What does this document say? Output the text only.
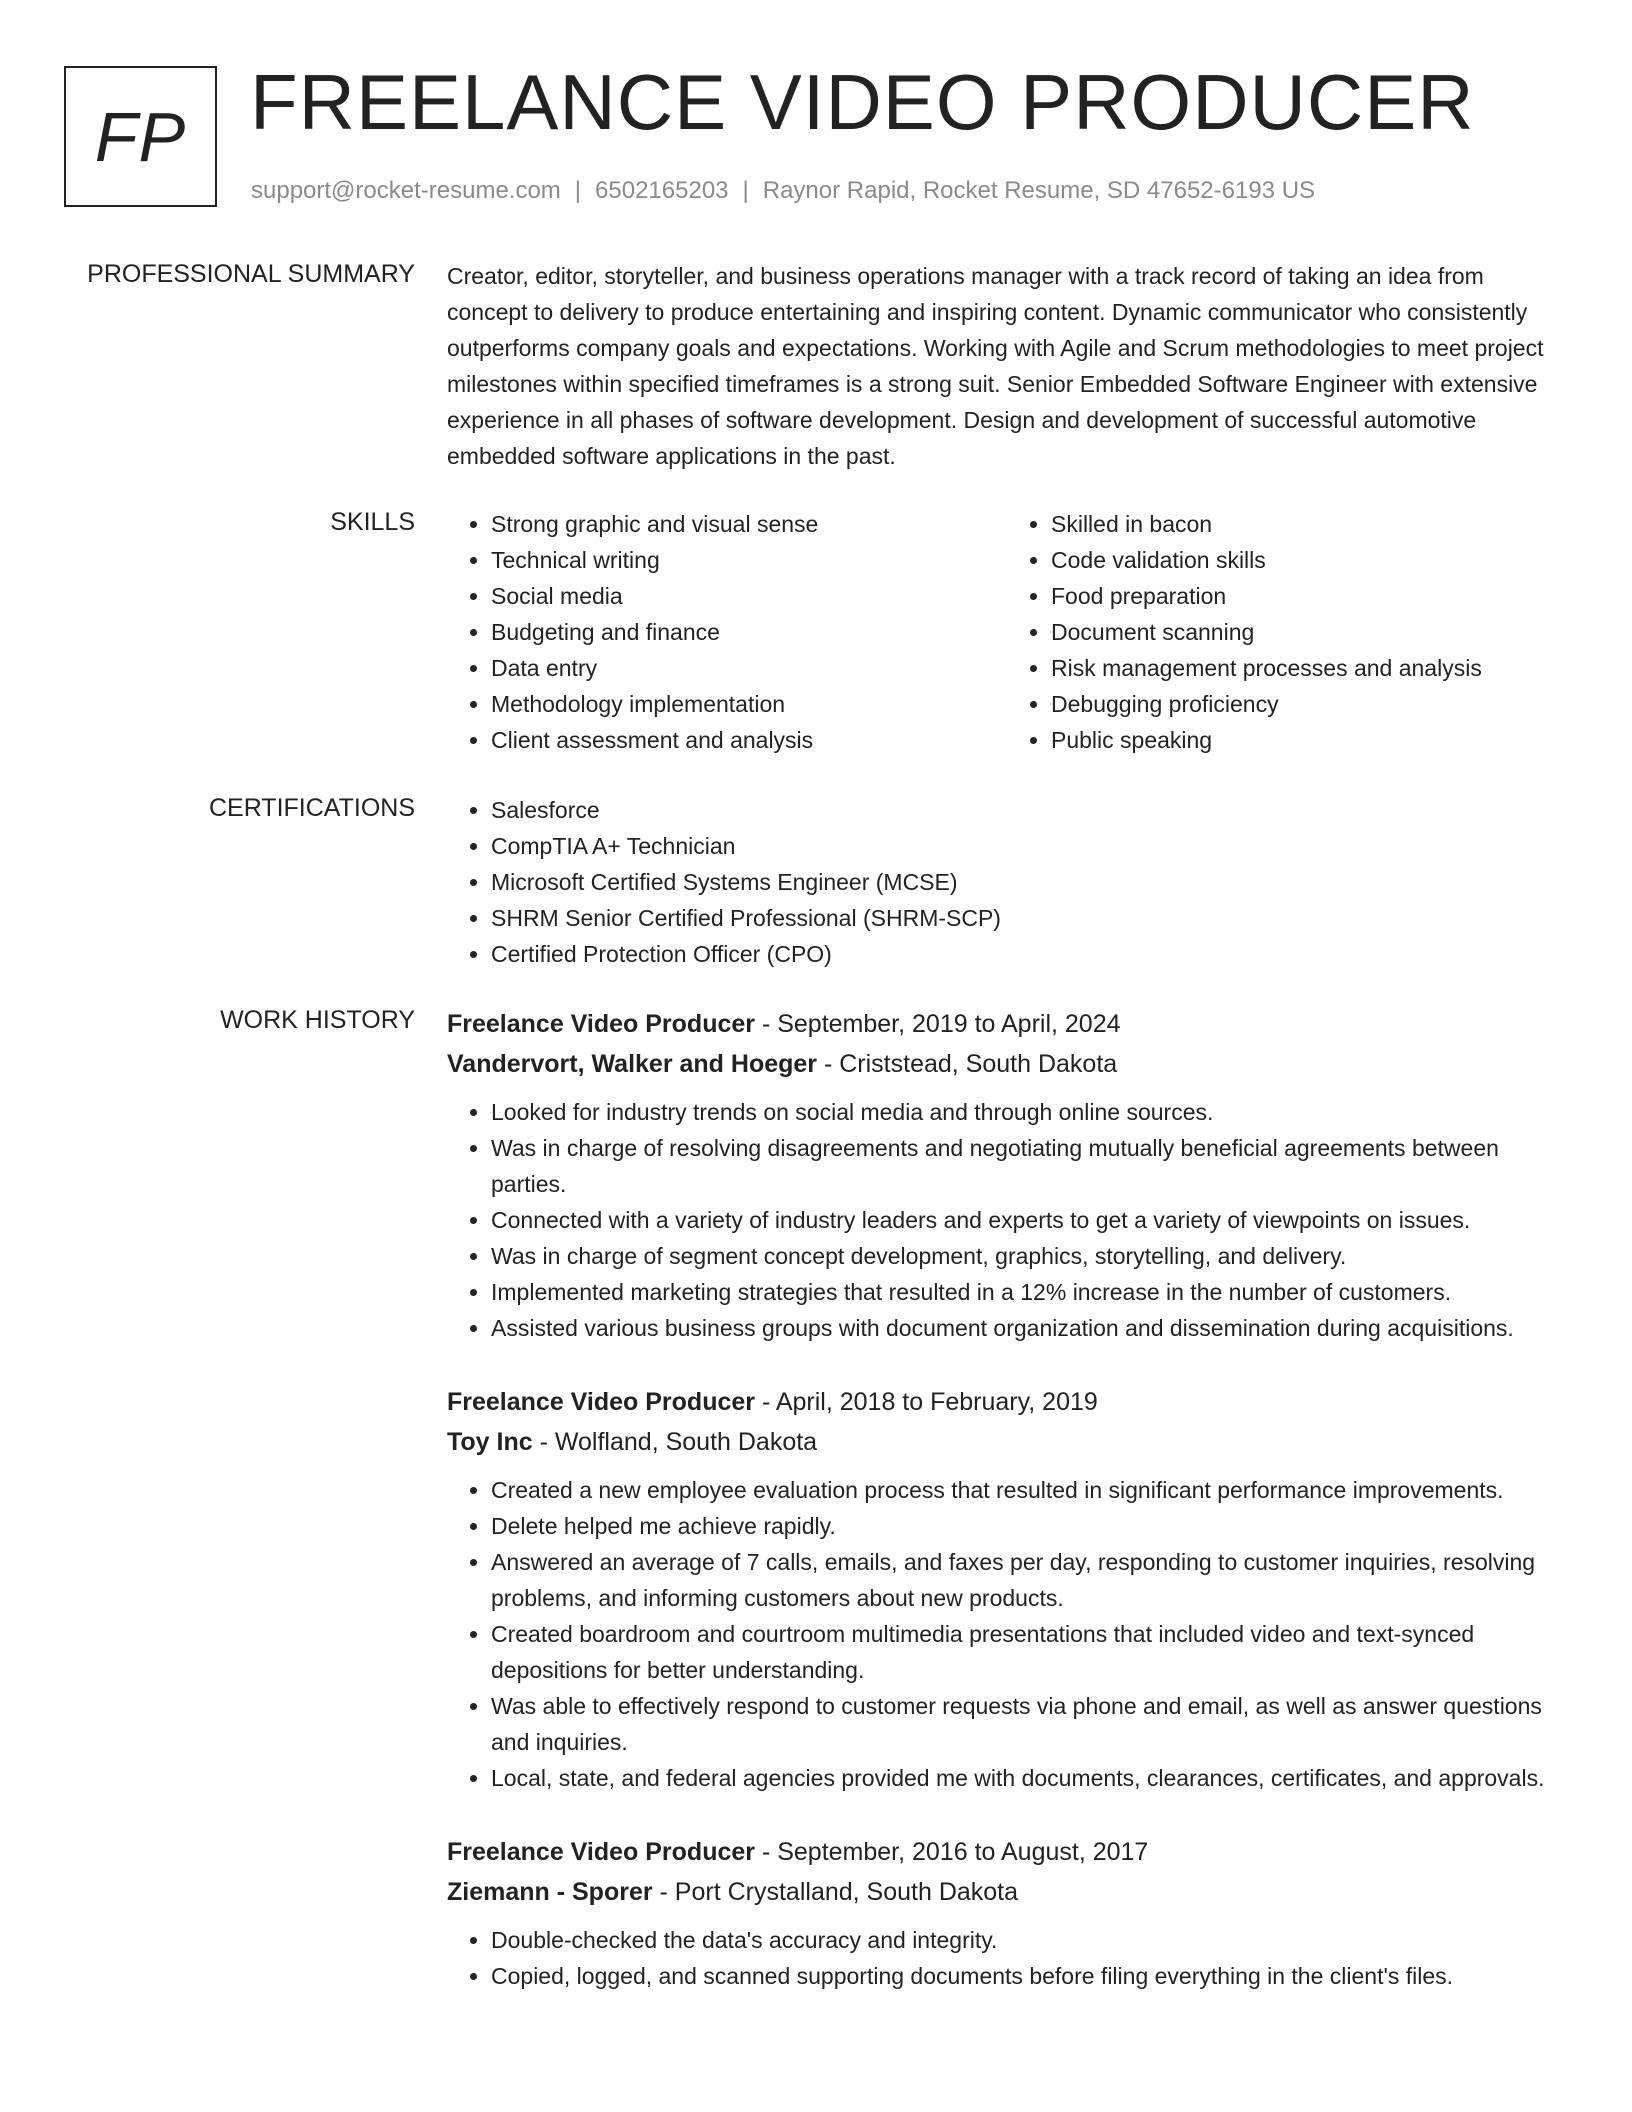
FP FREELANCE VIDEO PRODUCER
support@rocket-resume.com | 6502165203 | Raynor Rapid, Rocket Resume, SD 47652-6193 US
PROFESSIONAL SUMMARY Creator, editor, storyteller, and business operations manager with a track record of taking an idea from concept to delivery to produce entertaining and inspiring content. Dynamic communicator who consistently outperforms company goals and expectations. Working with Agile and Scrum methodologies to meet project milestones within specified timeframes is a strong suit. Senior Embedded Software Engineer with extensive experience in all phases of software development. Design and development of successful automotive embedded software applications in the past.
SKILLS	• Strong graphic and visual sense
• Technical writing
• Social media
• Budgeting and finance
• Data entry
• Methodology implementation
• Client assessment and analysis
• Skilled in bacon
• Code validation skills
• Food preparation
• Document scanning
• Risk management processes and analysis
• Debugging proficiency
• Public speaking
CERTIFICATIONS	• Salesforce
• CompTIA A+ Technician
• Microsoft Certified Systems Engineer (MCSE)
• SHRM Senior Certified Professional (SHRM-SCP)
• Certified Protection Officer (CPO)
WORK HISTORY Freelance Video Producer - September, 2019 to April, 2024
Vandervort, Walker and Hoeger - Criststead, South Dakota
• Looked for industry trends on social media and through online sources.
• Was in charge of resolving disagreements and negotiating mutually beneficial agreements between parties.
• Connected with a variety of industry leaders and experts to get a variety of viewpoints on issues.
• Was in charge of segment concept development, graphics, storytelling, and delivery.
• Implemented marketing strategies that resulted in a 12% increase in the number of customers.
• Assisted various business groups with document organization and dissemination during acquisitions.
Freelance Video Producer - April, 2018 to February, 2019
Toy Inc - Wolfland, South Dakota
• Created a new employee evaluation process that resulted in significant performance improvements.
• Delete helped me achieve rapidly.
• Answered an average of 7 calls, emails, and faxes per day, responding to customer inquiries, resolving problems, and informing customers about new products.
• Created boardroom and courtroom multimedia presentations that included video and text-synced depositions for better understanding.
• Was able to effectively respond to customer requests via phone and email, as well as answer questions and inquiries.
• Local, state, and federal agencies provided me with documents, clearances, certificates, and approvals.
Freelance Video Producer - September, 2016 to August, 2017
Ziemann - Sporer - Port Crystalland, South Dakota
• Double-checked the data's accuracy and integrity.
• Copied, logged, and scanned supporting documents before filing everything in the client's files.
